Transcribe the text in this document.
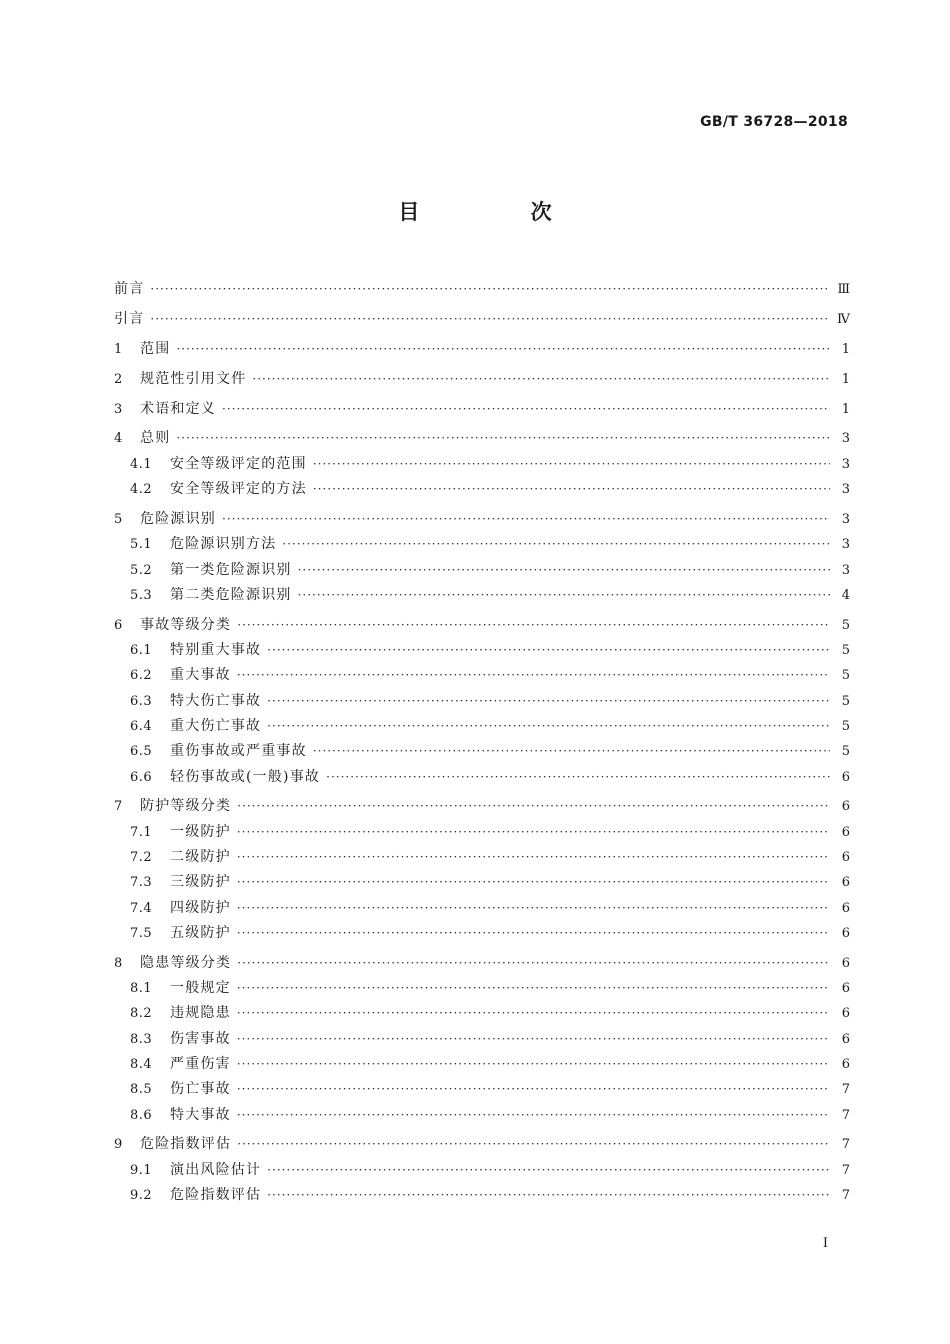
GB/T 36728—2018
目 次
前言 ·····	Ⅲ
引言 ·····	Ⅳ
1	范围 ·····	1
2	规范性引用文件 ·····	1
3	术语和定义 ·····	1
4	总则 ·····	3
4.1	安全等级评定的范围 ·····	3
4.2	安全等级评定的方法 ·····	3
5	危险源识别 ·····	3
5.1	危险源识别方法 ·····	3
5.2	第一类危险源识别 ·····	3
5.3	第二类危险源识别 ·····	4
6	事故等级分类 ·····	5
6.1	特别重大事故 ·····	5
6.2	重大事故 ·····	5
6.3	特大伤亡事故 ·····	5
6.4	重大伤亡事故 ·····	5
6.5	重伤事故或严重事故 ·····	5
6.6	轻伤事故或(一般)事故 ·····	6
7	防护等级分类 ·····	6
7.1	一级防护 ·····	6
7.2	二级防护 ·····	6
7.3	三级防护 ·····	6
7.4	四级防护 ·····	6
7.5	五级防护 ·····	6
8	隐患等级分类 ·····	6
8.1	一般规定 ·····	6
8.2	违规隐患 ·····	6
8.3	伤害事故 ·····	6
8.4	严重伤害 ·····	6
8.5	伤亡事故 ·····	7
8.6	特大事故 ·····	7
9	危险指数评估 ·····	7
9.1	演出风险估计 ·····	7
9.2	危险指数评估 ·····	7
I
